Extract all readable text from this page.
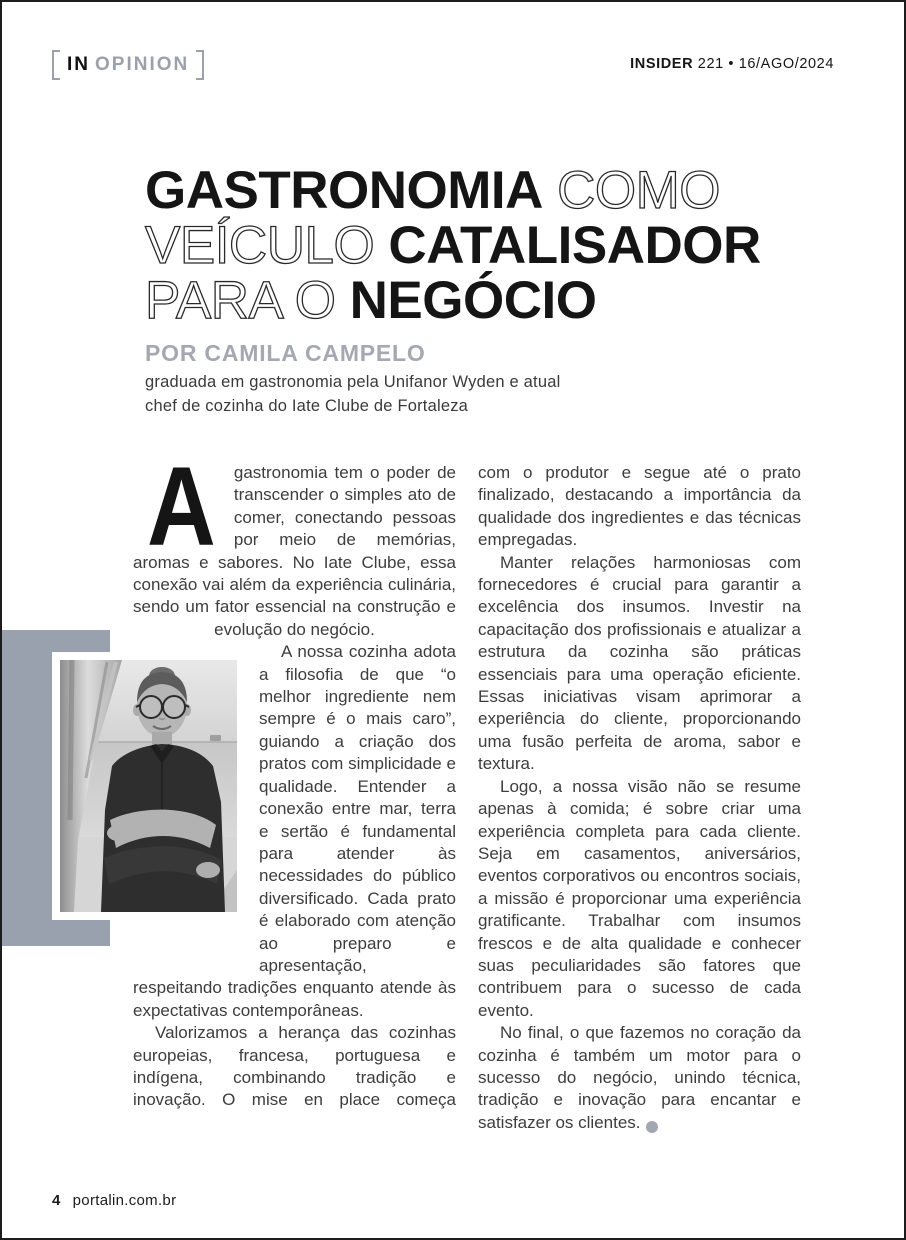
IN OPINION	INSIDER 221 • 16/AGO/2024
GASTRONOMIA COMO
VEÍCULO CATALISADOR
PARA O NEGÓCIO
POR CAMILA CAMPELO
graduada em gastronomia pela Unifanor Wyden e atual
chef de cozinha do Iate Clube de Fortaleza

A gastronomia tem o poder de transcender o simples ato de comer, conectando pessoas por meio de memórias, aromas e sabores. No Iate Clube, essa conexão vai além da experiência culinária, sendo um fator essencial na construção e evolução do negócio.

A nossa cozinha adota a filosofia de que “o melhor ingrediente nem sempre é o mais caro”, guiando a criação dos pratos com simplicidade e qualidade. Entender a conexão entre mar, terra e sertão é fundamental para atender às necessidades do público diversificado. Cada prato é elaborado com atenção ao preparo e apresentação, respeitando tradições enquanto atende às expectativas contemporâneas.

Valorizamos a herança das cozinhas europeias, francesa, portuguesa e indígena, combinando tradição e inovação. O mise en place começa

com o produtor e segue até o prato finalizado, destacando a importância da qualidade dos ingredientes e das técnicas empregadas.

Manter relações harmoniosas com fornecedores é crucial para garantir a excelência dos insumos. Investir na capacitação dos profissionais e atualizar a estrutura da cozinha são práticas essenciais para uma operação eficiente. Essas iniciativas visam aprimorar a experiência do cliente, proporcionando uma fusão perfeita de aroma, sabor e textura.

Logo, a nossa visão não se resume apenas à comida; é sobre criar uma experiência completa para cada cliente. Seja em casamentos, aniversários, eventos corporativos ou encontros sociais, a missão é proporcionar uma experiência gratificante. Trabalhar com insumos frescos e de alta qualidade e conhecer suas peculiaridades são fatores que contribuem para o sucesso de cada evento.

No final, o que fazemos no coração da cozinha é também um motor para o sucesso do negócio, unindo técnica, tradição e inovação para encantar e satisfazer os clientes.	✳

4 portalin.com.br
